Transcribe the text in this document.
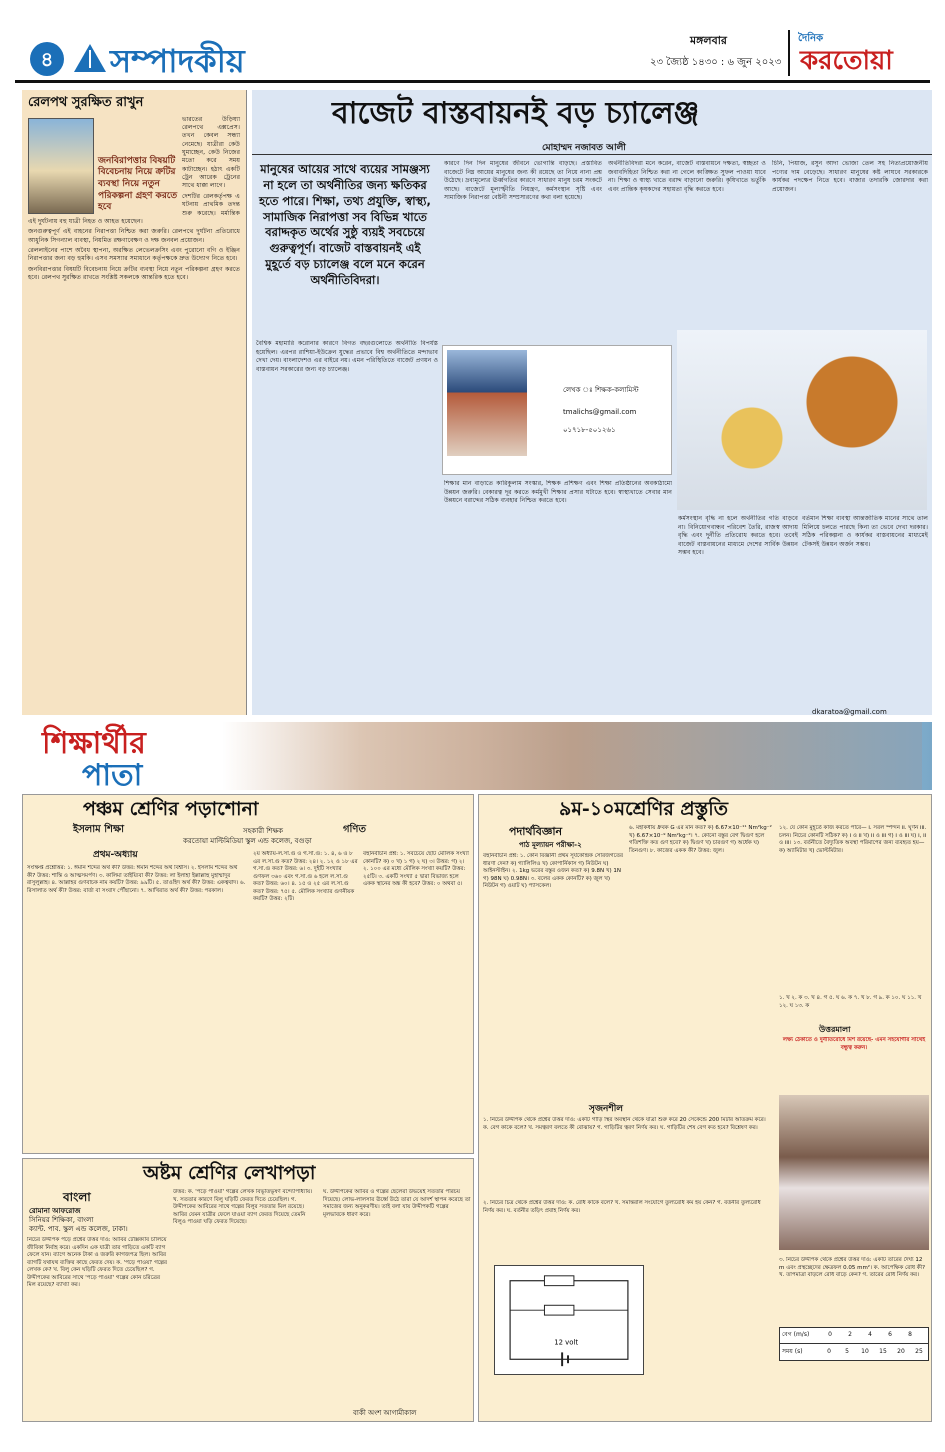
৪	সম্পাদকীয়
মঙ্গলবার
২৩ জ্যৈষ্ঠ ১৪৩০ : ৬ জুন ২০২৩
দৈনিক
করতোয়া
রেলপথ সুরক্ষিত রাখুন
জনবিরাপত্তার বিষয়টি বিবেচনায় নিয়ে ক্রটির ব্যবস্থা নিয়ে নতুন পরিকল্পনা গ্রহণ করতে হবে

ভারতের উড়িষ্যা রেলপথে এক্সপ্রেস। তখন কেবল সন্ধ্যা নেমেছে। যাত্রীরা কেউ ঘুমাচ্ছেন, কেউ নিজের মতো করে সময় কাটাচ্ছেন। হঠাৎ একটি ট্রেন আরেক ট্রেনের সাথে ধাক্কা লাগে।

দেশটির রেলকর্তৃপক্ষ এ ঘটনায় প্রাথমিক তদন্ত শুরু করেছে। মর্মান্তিক এই দুর্ঘটনায় বহু যাত্রী নিহত ও আহত হয়েছেন।

জনগুরুত্বপূর্ণ এই বাহনের নিরাপত্তা নিশ্চিত করা জরুরি। রেলপথে দুর্ঘটনা প্রতিরোধে আধুনিক সিগন্যাল ব্যবস্থা, নিয়মিত রক্ষণাবেক্ষণ ও দক্ষ জনবল প্রয়োজন।

রেললাইনের পাশে অবৈধ স্থাপনা, অরক্ষিত লেভেলক্রসিং এবং পুরোনো বগি ও ইঞ্জিন নিরাপত্তার জন্য বড় হুমকি। এসব সমস্যার সমাধানে কর্তৃপক্ষকে দ্রুত উদ্যোগ নিতে হবে।

জনবিরাপত্তার বিষয়টি বিবেচনায় নিয়ে ক্রটির ব্যবস্থা নিয়ে নতুন পরিকল্পনা গ্রহণ করতে হবে। রেলপথ সুরক্ষিত রাখতে সংশ্লিষ্ট সকলকে আন্তরিক হতে হবে।

বাজেট বাস্তবায়নই বড় চ্যালেঞ্জ
মোহাম্মদ নজাবত আলী
মানুষের আয়ের সাথে ব্যয়ের সামঞ্জস্য না হলে তা অর্থনীতির জন্য ক্ষতিকর হতে পারে। শিক্ষা, তথ্য প্রযুক্তি, স্বাস্থ্য, সামাজিক নিরাপত্তা সব বিভিন্ন খাতে বরাদ্দকৃত অর্থের সুষ্ঠু ব্যয়ই সবচেয়ে গুরুত্বপূর্ণ। বাজেট বাস্তবায়নই এই মুহূর্তে বড় চ্যালেঞ্জ বলে মনে করেন অর্থনীতিবিদরা।
কারণে দিন দিন মানুষের জীবনে ভোগান্তি বাড়ছে। প্রস্তাবিত বাজেটে নিম্ন আয়ের মানুষের জন্য কী রয়েছে তা নিয়ে নানা প্রশ্ন উঠেছে। দ্রব্যমূল্যের ঊর্ধ্বগতির কারণে সাধারণ মানুষ চরম সংকটে আছে। বাজেটে মূল্যস্ফীতি নিয়ন্ত্রণ, কর্মসংস্থান সৃষ্টি এবং সামাজিক নিরাপত্তা বেষ্টনী সম্প্রসারণের কথা বলা হয়েছে।
অর্থনীতিবিদরা মনে করেন, বাজেট বাস্তবায়নে দক্ষতা, স্বচ্ছতা ও জবাবদিহিতা নিশ্চিত করা না গেলে কাঙ্ক্ষিত সুফল পাওয়া যাবে না। শিক্ষা ও স্বাস্থ্য খাতে বরাদ্দ বাড়ানো জরুরি। কৃষিখাতে ভর্তুকি এবং প্রান্তিক কৃষকদের সহায়তা বৃদ্ধি করতে হবে।
চিনি, পিঁয়াজ, রসুন আদা ভোজ্য তেল সহ নিত্যপ্রয়োজনীয় পণ্যের দাম বেড়েছে। সাধারণ মানুষের কষ্ট লাঘবে সরকারকে কার্যকর পদক্ষেপ নিতে হবে। বাজার তদারকি জোরদার করা প্রয়োজন।
বৈশ্বিক মহামারি করোনার কারণে বিগত বছরগুলোতে অর্থনীতি বিপর্যস্ত হয়েছিল। এরপর রাশিয়া-ইউক্রেন যুদ্ধের প্রভাবে বিশ্ব অর্থনীতিতে মন্দাভাব দেখা দেয়। বাংলাদেশও এর বাইরে নয়। এমন পরিস্থিতিতে বাজেট প্রণয়ন ও বাস্তবায়ন সরকারের জন্য বড় চ্যালেঞ্জ।
শিক্ষার মান বাড়াতে কারিকুলাম সংস্কার, শিক্ষক প্রশিক্ষণ এবং শিক্ষা প্রতিষ্ঠানের অবকাঠামো উন্নয়ন জরুরি। বেকারত্ব দূর করতে কর্মমুখী শিক্ষার প্রসার ঘটাতে হবে। স্বাস্থ্যখাতে সেবার মান উন্নয়নে বরাদ্দের সঠিক ব্যবহার নিশ্চিত করতে হবে।
কর্মসংস্থান বৃদ্ধি না হলে অর্থনীতির গতি বাড়বে না। বিনিয়োগবান্ধব পরিবেশ তৈরি, রাজস্ব আদায় বৃদ্ধি এবং দুর্নীতি প্রতিরোধ করতে হবে। তবেই বাজেট বাস্তবায়নের মাধ্যমে দেশের সার্বিক উন্নয়ন সম্ভব হবে।
বর্তমান শিক্ষা ব্যবস্থা আন্তর্জাতিক মানের সাথে তাল মিলিয়ে চলতে পারছে কিনা তা ভেবে দেখা দরকার। সঠিক পরিকল্পনা ও কার্যকর বাস্তবায়নের মাধ্যমেই টেকসই উন্নয়ন অর্জন সম্ভব।
লেখক ঃ শিক্ষক-কলামিস্ট
tmalichs@gmail.com
০১৭১৮-৫০১২৬১
dkaratoa@gmail.com
শিক্ষার্থীর
পাতা
পঞ্চম শ্রেণির পড়াশোনা
ইসলাম শিক্ষা	গণিত
সহকারী শিক্ষক
করতোয়া মাল্টিমিডিয়া স্কুল এন্ড কলেজ, বগুড়া
প্রথম-অধ্যায়
সংক্ষিপ্ত প্রশ্নোত্তর: ১. ঈমান শব্দের অর্থ কী? উত্তর: ঈমান শব্দের অর্থ বিশ্বাস। ২. ইসলাম শব্দের অর্থ কী? উত্তর: শান্তি ও আত্মসমর্পণ। ৩. কালিমা তাইয়্যিবা কী? উত্তর: লা ইলাহা ইল্লাল্লাহু মুহাম্মাদুর রাসুলুল্লাহ। ৪. আল্লাহর গুণবাচক নাম কয়টি? উত্তর: ৯৯টি। ৫. তাওহিদ অর্থ কী? উত্তর: একত্ববাদ। ৬. রিসালাত অর্থ কী? উত্তর: বার্তা বা সংবাদ পৌঁছানো। ৭. আখিরাত অর্থ কী? উত্তর: পরকাল।
২য় অধ্যায়-ল.সা.গু ও গ.সা.গু: ১. ৪, ৬ ও ৮ এর ল.সা.গু কত? উত্তর: ২৪। ২. ১২ ও ১৮ এর গ.সা.গু কত? উত্তর: ৬। ৩. দুইটি সংখ্যার গুণফল ৩৬০ এবং গ.সা.গু ৬ হলে ল.সা.গু কত? উত্তর: ৬০। ৪. ১৫ ও ২৫ এর ল.সা.গু কত? উত্তর: ৭৫। ৫. মৌলিক সংখ্যার গুণনীয়ক কয়টি? উত্তর: ২টি।
বহুনির্বাচনি প্রশ্ন: ১. সবচেয়ে ছোট মৌলিক সংখ্যা কোনটি? ক) ০ খ) ১ গ) ২ ঘ) ৩। উত্তর: গ) ২। ২. ১০০ এর মধ্যে মৌলিক সংখ্যা কয়টি? উত্তর: ২৫টি। ৩. একটি সংখ্যা ৫ দ্বারা বিভাজ্য হলে একক স্থানের অঙ্ক কী হবে? উত্তর: ০ অথবা ৫।
অষ্টম শ্রেণির লেখাপড়া
বাংলা
রোমানা আফরোজ
সিনিয়র শিক্ষিকা, বাংলা
ক্যান্ট. পাব. স্কুল এন্ড কলেজ, ঢাকা।
নিচের উদ্দীপক পড়ে প্রশ্নের উত্তর দাও: আবির টেক্সিক্যাব চালিয়ে জীবিকা নির্বাহ করে। একদিন এক যাত্রী তার গাড়িতে একটি ব্যাগ ফেলে যান। ব্যাগে অনেক টাকা ও জরুরি কাগজপত্র ছিল। আবির ব্যাগটি যথাযথ ব্যক্তির কাছে ফেরত দেয়। ক. 'পড়ে পাওয়া' গল্পের লেখক কে? খ. বিলু কেন ঘড়িটি ফেরত দিতে চেয়েছিল? গ. উদ্দীপকের আবিরের সাথে 'পড়ে পাওয়া' গল্পের কোন চরিত্রের মিল রয়েছে? ব্যাখ্যা কর।
উত্তর: ক. 'পড়ে পাওয়া' গল্পের লেখক বিভূতিভূষণ বন্দ্যোপাধ্যায়। খ. সততার কারণে বিলু ঘড়িটি ফেরত দিতে চেয়েছিল। গ. উদ্দীপকের আবিরের সাথে গল্পের বিলুর সততার মিল রয়েছে। আবির যেমন যাত্রীর ফেলে যাওয়া ব্যাগ ফেরত দিয়েছে তেমনি বিলুও পাওয়া ঘড়ি ফেরত দিয়েছে।
ঘ. উদ্দীপকের আবির ও গল্পের ছেলেরা উভয়েই সততার পরিচয় দিয়েছে। লোভ-লালসার ঊর্ধ্বে উঠে তারা যে আদর্শ স্থাপন করেছে তা সমাজের জন্য অনুকরণীয়। তাই বলা যায় উদ্দীপকটি গল্পের মূলভাবকে ধারণ করে।
বাকী অংশ আগামীকাল
৯ম-১০মশ্রেণির প্রস্তুতি
পদার্থবিজ্ঞান
পাঠ মূল্যায়ন পরীক্ষা-২
বহুনির্বাচনি প্রশ্ন: ১. কোন বিজ্ঞানী প্রথম সূর্যকেন্দ্রিক সৌরজগতের ধারণা দেন? ক) গ্যালিলিও খ) কোপার্নিকাস গ) নিউটন ঘ) আইনস্টাইন। ২. 1kg ভরের বস্তুর ওজন কত? ক) 9.8N খ) 1N গ) 98N ঘ) 0.98N। ৩. বলের একক কোনটি? ক) জুল খ) নিউটন গ) ওয়াট ঘ) প্যাসকেল।
৬. মহাকর্ষীয় ধ্রুবক G এর মান কত? ক) 6.67×10⁻¹¹ Nm²kg⁻² খ) 6.67×10⁻⁹ Nm²kg⁻²। ৭. কোনো বস্তুর বেগ দ্বিগুণ হলে গতিশক্তি কত গুণ হবে? ক) দ্বিগুণ খ) চারগুণ গ) অর্ধেক ঘ) তিনগুণ। ৮. কাজের একক কী? উত্তর: জুল।
১২. যে কোন মুহূর্তে কাজ করতে পারে— i. সরল স্পন্দন ii. ঘূর্ণন iii. চলন। নিচের কোনটি সঠিক? ক) i ও ii খ) ii ও iii গ) i ও iii ঘ) i, ii ও iii। ১৩. বর্তনীতে বৈদ্যুতিক অবস্থা পরিমাপের জন্য ব্যবহৃত হয়— ক) অ্যামিটার খ) ভোল্টমিটার।
উত্তরমালা
১. খ ২. ক ৩. খ ৪. গ ৫. ঘ ৬. ক ৭. খ ৮. গ ৯. ক ১০. ঘ ১১. খ ১২. ঘ ১৩. ক
লক্ষ্য ঠেকাতে ও দুর্নীতিরোধে মিশ রয়েছে- এমন সহযোগীর সাথেই বন্ধুত্ব করুন।
সৃজনশীল
১. নিচের উদ্দীপক থেকে প্রশ্নের উত্তর দাও: একটি গাড়ি স্থির অবস্থান থেকে যাত্রা শুরু করে 20 সেকেন্ডে 200 মিটার অতিক্রম করে। ক. বেগ কাকে বলে? খ. সমত্বরণ বলতে কী বোঝায়? গ. গাড়িটির ত্বরণ নির্ণয় কর। ঘ. গাড়িটির শেষ বেগ কত হবে? বিশ্লেষণ কর।
২. নিচের চিত্র থেকে প্রশ্নের উত্তর দাও: ক. রোধ কাকে বলে? খ. সমান্তরাল সংযোগে তুল্যরোধ কম হয় কেন? গ. বর্তনীর তুল্যরোধ নির্ণয় কর। ঘ. বর্তনীর তড়িৎ প্রবাহ নির্ণয় কর।
12 volt
৩. নিচের উদ্দীপক থেকে প্রশ্নের উত্তর দাও: একটি তারের দৈর্ঘ্য 12 m এবং প্রস্থচ্ছেদের ক্ষেত্রফল 0.05 mm²। ক. আপেক্ষিক রোধ কী? খ. তাপমাত্রা বাড়লে রোধ বাড়ে কেন? গ. তারের রোধ নির্ণয় কর।
বেগ (m/s)	0	2	4	6	8
সময় (s)	0	5	10	15	20	25
